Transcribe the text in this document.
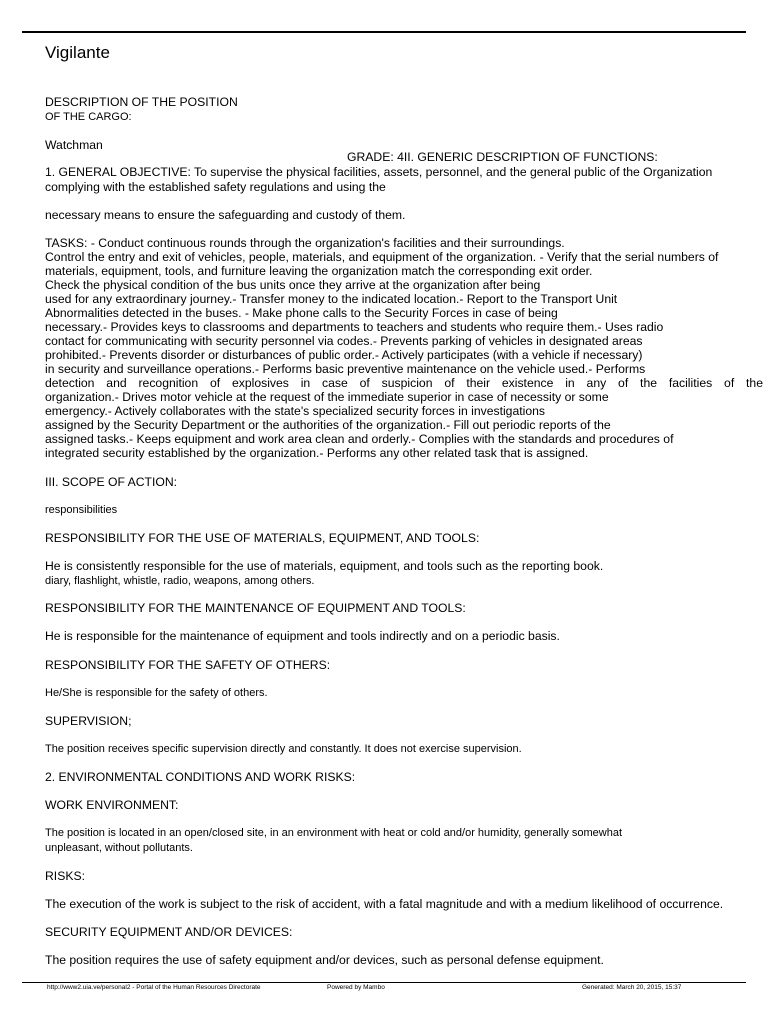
Vigilante

DESCRIPTION OF THE POSITION

OF THE CARGO:

Watchman

GRADE: 4II. GENERIC DESCRIPTION OF FUNCTIONS:

1. GENERAL OBJECTIVE: To supervise the physical facilities, assets, personnel, and the general public of the Organization

complying with the established safety regulations and using the

necessary means to ensure the safeguarding and custody of them.

TASKS: - Conduct continuous rounds through the organization's facilities and their surroundings.

Control the entry and exit of vehicles, people, materials, and equipment of the organization. - Verify that the serial numbers of

materials, equipment, tools, and furniture leaving the organization match the corresponding exit order.

Check the physical condition of the bus units once they arrive at the organization after being

used for any extraordinary journey.- Transfer money to the indicated location.- Report to the Transport Unit

Abnormalities detected in the buses. - Make phone calls to the Security Forces in case of being

necessary.- Provides keys to classrooms and departments to teachers and students who require them.- Uses radio

contact for communicating with security personnel via codes.- Prevents parking of vehicles in designated areas

prohibited.- Prevents disorder or disturbances of public order.- Actively participates (with a vehicle if necessary)

in security and surveillance operations.- Performs basic preventive maintenance on the vehicle used.- Performs

detection and recognition of explosives in case of suspicion of their existence in any of the facilities of the

organization.- Drives motor vehicle at the request of the immediate superior in case of necessity or some

emergency.- Actively collaborates with the state's specialized security forces in investigations

assigned by the Security Department or the authorities of the organization.- Fill out periodic reports of the

assigned tasks.- Keeps equipment and work area clean and orderly.- Complies with the standards and procedures of

integrated security established by the organization.- Performs any other related task that is assigned.

III. SCOPE OF ACTION:

responsibilities

RESPONSIBILITY FOR THE USE OF MATERIALS, EQUIPMENT, AND TOOLS:

He is consistently responsible for the use of materials, equipment, and tools such as the reporting book.

diary, flashlight, whistle, radio, weapons, among others.

RESPONSIBILITY FOR THE MAINTENANCE OF EQUIPMENT AND TOOLS:

He is responsible for the maintenance of equipment and tools indirectly and on a periodic basis.

RESPONSIBILITY FOR THE SAFETY OF OTHERS:

He/She is responsible for the safety of others.

SUPERVISION;

The position receives specific supervision directly and constantly. It does not exercise supervision.

2. ENVIRONMENTAL CONDITIONS AND WORK RISKS:

WORK ENVIRONMENT:

The position is located in an open/closed site, in an environment with heat or cold and/or humidity, generally somewhat

unpleasant, without pollutants.

RISKS:

The execution of the work is subject to the risk of accident, with a fatal magnitude and with a medium likelihood of occurrence.

SECURITY EQUIPMENT AND/OR DEVICES:

The position requires the use of safety equipment and/or devices, such as personal defense equipment.

http://www2.uia.ve/personal2 - Portal of the Human Resources Directorate	Powered by Mambo	Generated: March 20, 2015, 15:37
